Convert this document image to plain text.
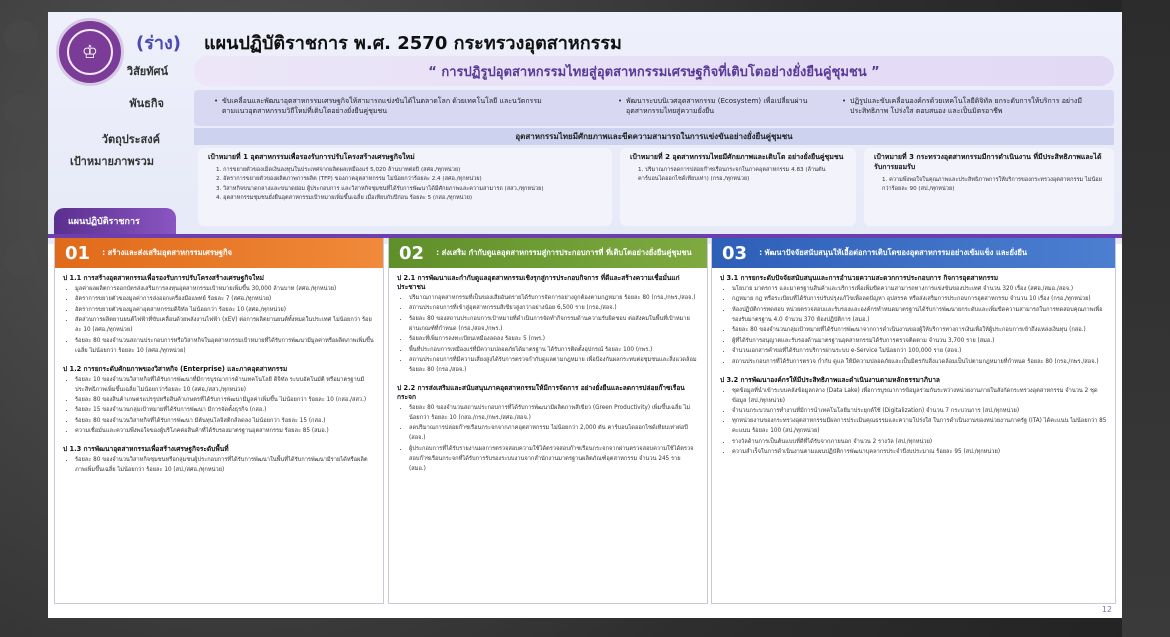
♔	(ร่าง) แผนปฏิบัติราชการ พ.ศ. 2570 กระทรวงอุตสาหกรรม
วิสัยทัศน์
พันธกิจ
วัตถุประสงค์
เป้าหมายภาพรวม
“ การปฏิรูปอุตสาหกรรมไทยสู่อุตสาหกรรมเศรษฐกิจที่เติบโตอย่างยั่งยืนคู่ชุมชน ”
• ขับเคลื่อนและพัฒนาอุตสาหกรรมเศรษฐกิจให้สามารถแข่งขันได้ในตลาดโลก ด้วยเทคโนโลยี และนวัตกรรมตามแนวอุตสาหกรรมวิถีใหม่ที่เติบโตอย่างยั่งยืนคู่ชุมชน
• พัฒนาระบบนิเวศอุตสาหกรรม (Ecosystem) เพื่อเปลี่ยนผ่านอุตสาหกรรมไทยสู่ความยั่งยืน
• ปฏิรูปและขับเคลื่อนองค์กรด้วยเทคโนโลยีดิจิทัล ยกระดับการให้บริการ อย่างมีประสิทธิภาพ โปร่งใส ตอบสนอง และเป็นมิตรอาชีพ
อุตสาหกรรมไทยมีศักยภาพและขีดความสามารถในการแข่งขันอย่างยั่งยืนคู่ชุมชน
เป้าหมายที่ 1 อุตสาหกรรมเพื่อรองรับการปรับโครงสร้างเศรษฐกิจใหม่
1. การขยายตัวของเม็ดเงินลงทุนในประเทศจากผลิตผลเหมืองแร่ 5,020 ล้านบาทต่อปี (สศอ./ทุกหน่วย)
2. อัตราการขยายตัวของผลิตภาพการผลิต (TFP) ของภาคอุตสาหกรรม ไม่น้อยกว่าร้อยละ 2.4 (สศอ./ทุกหน่วย)
3. วิสาหกิจขนาดกลางและขนาดย่อม ผู้ประกอบการ และวิสาหกิจชุมชนที่ได้รับการพัฒนาได้มีศักยภาพและความสามารถ (สสว./ทุกหน่วย)
4. อุตสาหกรรมชุมชนยั่งยืนอุตสาหกรรมเป้าหมายเพิ่มขึ้นเฉลี่ย เมื่อเทียบกับปีก่อน ร้อยละ 5 (กสอ./ทุกหน่วย)
เป้าหมายที่ 2 อุตสาหกรรมไทยมีศักยภาพและเติบโต อย่างยั่งยืนคู่ชุมชน
1. ปริมาณการลดการปล่อยก๊าซเรือนกระจกในภาคอุตสาหกรรม 4.83 (ล้านตันคาร์บอนไดออกไซด์เทียบเท่า) (กรอ./ทุกหน่วย)
เป้าหมายที่ 3 กระทรวงอุตสาหกรรมมีการดำเนินงาน ที่มีประสิทธิภาพและได้รับการยอมรับ
1. ความพึงพอใจในคุณภาพและประสิทธิภาพการให้บริการของกระทรวงอุตสาหกรรม ไม่น้อยกว่าร้อยละ 90 (สป./ทุกหน่วย)
แผนปฏิบัติราชการ
01 : สร้างและส่งเสริมอุตสาหกรรมเศรษฐกิจ
ป 1.1 การสร้างอุตสาหกรรมเพื่อรองรับการปรับโครงสร้างเศรษฐกิจใหม่
• มูลค่าผลผลิตการออกบัตรส่งเสริมการลงทุนอุตสาหกรรมเป้าหมายเพิ่มขึ้น 30,000 ล้านบาท (สศอ./ทุกหน่วย)
• อัตราการขยายตัวของมูลค่าการส่งออกเครื่องมือแพทย์ ร้อยละ 7 (สศอ./ทุกหน่วย)
• อัตราการขยายตัวของมูลค่าอุตสาหกรรมดิจิทัล ไม่น้อยกว่า ร้อยละ 10 (สศอ./ทุกหน่วย)
• สัดส่วนการผลิตยานยนต์ไฟฟ้าที่ขับเคลื่อนด้วยพลังงานไฟฟ้า (xEV) ต่อการผลิตยานยนต์ทั้งหมดในประเทศ ไม่น้อยกว่า ร้อยละ 10 (สศอ./ทุกหน่วย)
• ร้อยละ 80 ของจำนวนสถานประกอบการหรือวิสาหกิจในอุตสาหกรรมเป้าหมายที่ได้รับการพัฒนามีมูลค่าหรือผลิตภาพเพิ่มขึ้นเฉลี่ย ไม่น้อยกว่า ร้อยละ 10 (สศอ./ทุกหน่วย)
ป 1.2 การยกระดับศักยภาพของวิสาหกิจ (Enterprise) และภาคอุตสาหกรรม
• ร้อยละ 10 ของจำนวนวิสาหกิจที่ได้รับการพัฒนาที่มีการบูรณาการด้านเทคโนโลยี ดิจิทัล ระบบอัตโนมัติ หรือมาตรฐานมีประสิทธิภาพเพิ่มขึ้นเฉลี่ย ไม่น้อยกว่าร้อยละ 10 (สศอ./สสว./ทุกหน่วย)
• ร้อยละ 80 ของสินค้าเกษตรแปรรูปหรือสินค้าเกษตรที่ได้รับการพัฒนามีมูลค่าเพิ่มขึ้น ไม่น้อยกว่า ร้อยละ 10 (กสอ./สสว.)
• ร้อยละ 15 ของจำนวนกลุ่มเป้าหมายที่ได้รับการพัฒนา มีการจัดตั้งธุรกิจ (กสอ.)
• ร้อยละ 80 ของจำนวนวิสาหกิจที่ได้รับการพัฒนา มีต้นทุนโลจิสติกส์ลดลง ไม่น้อยกว่า ร้อยละ 15 (กสอ.)
• ความเชื่อมั่นและความพึงพอใจของผู้บริโภคต่อสินค้าที่ได้รับรองมาตรฐานอุตสาหกรรม ร้อยละ 85 (สมอ.)
ป 1.3 การพัฒนาอุตสาหกรรมเพื่อสร้างเศรษฐกิจระดับพื้นที่
• ร้อยละ 80 ของจำนวนวิสาหกิจชุมชนหรือกลุ่มชนผู้ประกอบการที่ได้รับการพัฒนาในพื้นที่ได้รับการพัฒนามีรายได้หรือผลิตภาพเพิ่มขึ้นเฉลี่ย ไม่น้อยกว่า ร้อยละ 10 (สป./สศอ./ทุกหน่วย)
02 : ส่งเสริม กำกับดูแลอุตสาหกรรมสู่การประกอบการที่ ที่เติบโตอย่างยั่งยืนคู่ชุมชน
ป 2.1 การพัฒนาและกำกับดูแลอุตสาหกรรมเชิงรุกสู่การประกอบกิจการ ที่ดีและสร้างความเชื่อมั่นแก่ประชาชน
• ปริมาณกากอุตสาหกรรมที่เป็นของเสียอันตรายได้รับการจัดการอย่างถูกต้องตามกฎหมาย ร้อยละ 80 (กรอ./กพร./สอจ.)
• สถานประกอบการที่เข้าสู่อุตสาหกรรมสีเขียวสูงกว่าอย่างน้อย 6,500 ราย (กรอ./สอจ.)
• ร้อยละ 80 ของสถานประกอบการเป้าหมายที่ดำเนินการจัดทำกิจกรรมด้านความรับผิดชอบ ต่อสังคมในพื้นที่เป้าหมายผ่านเกณฑ์ที่กำหนด (กรอ./สอจ./กพร.)
• ร้อยละที่เพิ่มการลงทะเบียนเหมืองลดลง ร้อยละ 5 (กพร.)
• พื้นที่ประกอบการเหมืองแร่ที่มีความปลอดภัยได้มาตรฐาน ได้รับการติดตั้งอุปกรณ์ ร้อยละ 100 (กพร.)
• สถานประกอบการที่มีความเสี่ยงสูงได้รับการตรวจกำกับดูแลตามกฎหมาย เพื่อป้องกันผลกระทบต่อชุมชนและสิ่งแวดล้อม ร้อยละ 80 (กรอ./สอจ.)
ป 2.2 การส่งเสริมและสนับสนุนภาคอุตสาหกรรมให้มีการจัดการ อย่างยั่งยืนและลดการปล่อยก๊าซเรือนกระจก
• ร้อยละ 80 ของจำนวนสถานประกอบการที่ได้รับการพัฒนามีผลิตภาพสีเขียว (Green Productivity) เพิ่มขึ้นเฉลี่ย ไม่น้อยกว่า ร้อยละ 10 (กสอ./กรอ./กพร./สศอ./สอจ.)
• ลดปริมาณการปล่อยก๊าซเรือนกระจกจากภาคอุตสาหกรรม ไม่น้อยกว่า 2,000 ตัน คาร์บอนไดออกไซด์เทียบเท่าต่อปี (สอจ.)
• ผู้ประกอบการที่ได้รับรายงานผลการตรวจสอบความใช้ได้ตรวจสอบก๊าซเรือนกระจกจากผ่านตรวจสอบความใช้ได้ตรวจสอบก๊าซเรือนกระจกที่ได้รับการรับรองระบบงานจากสำนักงานมาตรฐานผลิตภัณฑ์อุตสาหกรรม จำนวน 245 ราย (สมอ.)
03 : พัฒนาปัจจัยสนับสนุนให้เอื้อต่อการเติบโตของอุตสาหกรรมอย่างเข้มแข็ง และยั่งยืน
ป 3.1 การยกระดับปัจจัยสนับสนุนและการอำนวยความสะดวกการประกอบการ กิจการอุตสาหกรรม
• นโยบาย มาตรการ และมาตรฐานสินค้าและบริการเพื่อเพิ่มขีดความสามารถทางการแข่งขันของประเทศ จำนวน 320 เรื่อง (สศอ./สมอ./สอจ.)
• กฎหมาย กฎ หรือระเบียบที่ได้รับการปรับปรุงแก้ไขเพื่อลดปัญหา อุปสรรค หรือส่งเสริมการประกอบการอุตสาหกรรม จำนวน 10 เรื่อง (กรอ./ทุกหน่วย)
• ห้องปฏิบัติการทดสอบ หน่วยตรวจสอบและรับรองและองค์กรทำหนดมาตรฐานได้รับการพัฒนายกระดับและเพิ่มขีดความสามารถในการทดสอบคุณภาพเพื่อรองรับมาตรฐาน 4.0 จำนวน 370 ห้องปฏิบัติการ (สมอ.)
• ร้อยละ 80 ของจำนวนกลุ่มเป้าหมายที่ได้รับการพัฒนาจากการดำเนินงานของผู้ให้บริการทางการเงินเพื่อให้ผู้ประกอบการเข้าถึงแหล่งเงินทุน (กสอ.)
• ผู้ที่ได้รับการอนุญาตและรับรองด้านมาตรฐานอุตสาหกรรมได้รับการตรวจติดตาม จำนวน 3,700 ราย (สมอ.)
• จำนวนเอกสารคำขอที่ได้รับการบริการผ่านระบบ e-Service ไม่น้อยกว่า 100,000 ราย (สอจ.)
• สถานประกอบการที่ได้รับการตรวจ กำกับ ดูแล ให้มีความปลอดภัยและเป็นมิตรกับสิ่งแวดล้อมเป็นไปตามกฎหมายที่กำหนด ร้อยละ 80 (กรอ./กพร./สอจ.)
ป 3.2 การพัฒนาองค์กรให้มีประสิทธิภาพและดำเนินงานตามหลักธรรมาภิบาล
• ชุดข้อมูลที่นำเข้าระบบคลังข้อมูลกลาง (Data Lake) เพื่อการบูรณาการข้อมูลร่วมกันระหว่างหน่วยงานภายในสังกัดกระทรวงอุตสาหกรรม จำนวน 2 ชุดข้อมูล (สป./ทุกหน่วย)
• จำนวนกระบวนการทำงานที่มีการนำเทคโนโลยีมาประยุกต์ใช้ (Digitalization) จำนวน 7 กระบวนการ (สป./ทุกหน่วย)
• ทุกหน่วยงานของกระทรวงอุตสาหกรรมมีผลการประเมินคุณธรรมและความโปร่งใส ในการดำเนินงานของหน่วยงานภาครัฐ (ITA) ได้คะแนน ไม่น้อยกว่า 85 คะแนน ร้อยละ 100 (สป./ทุกหน่วย)
• รางวัลด้านการเป็นต้นแบบที่ดีที่ได้รับจากภายนอก จำนวน 2 รางวัล (สป./ทุกหน่วย)
• ความสำเร็จในการดำเนินงานตามแผนปฏิบัติการพัฒนาบุคลากรประจำปีงบประมาณ ร้อยละ 95 (สป./ทุกหน่วย)
12
